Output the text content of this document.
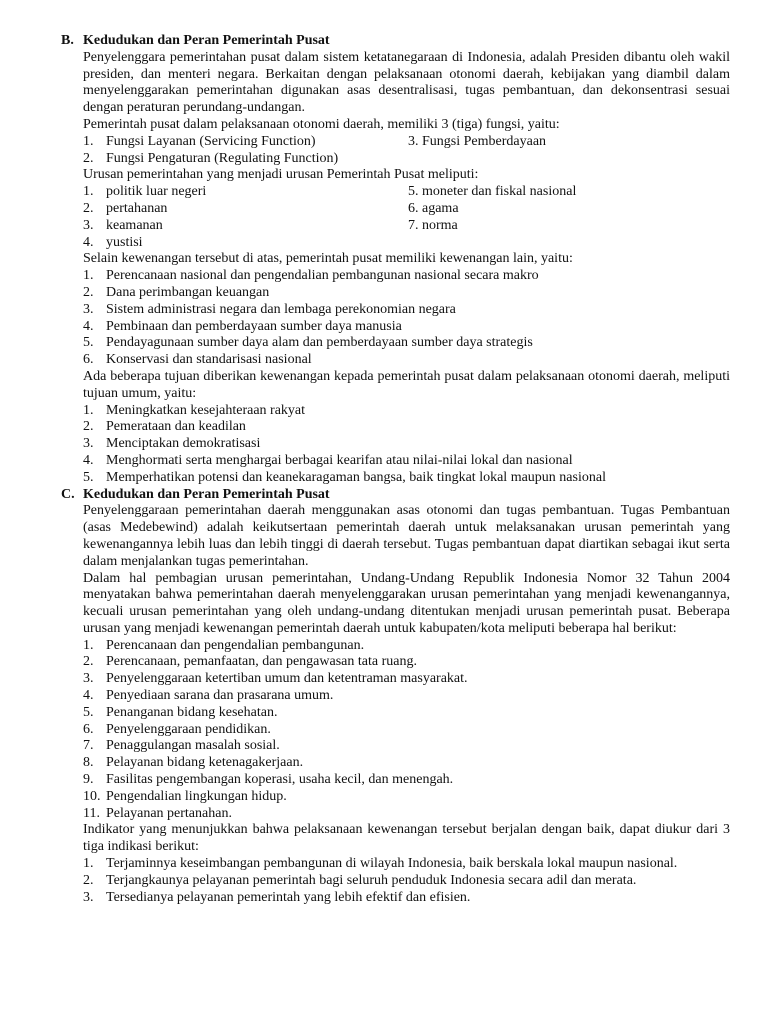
B. Kedudukan dan Peran Pemerintah Pusat
Penyelenggara pemerintahan pusat dalam sistem ketatanegaraan di Indonesia, adalah Presiden dibantu oleh wakil presiden, dan menteri negara. Berkaitan dengan pelaksanaan otonomi daerah, kebijakan yang diambil dalam menyelenggarakan pemerintahan digunakan asas desentralisasi, tugas pembantuan, dan dekonsentrasi sesuai dengan peraturan perundang-undangan.
Pemerintah pusat dalam pelaksanaan otonomi daerah, memiliki 3 (tiga) fungsi, yaitu:
1. Fungsi Layanan (Servicing Function)	3. Fungsi Pemberdayaan
2. Fungsi Pengaturan (Regulating Function)
Urusan pemerintahan yang menjadi urusan Pemerintah Pusat meliputi:
1. politik luar negeri	5. moneter dan fiskal nasional
2. pertahanan	6. agama
3. keamanan	7. norma
4. yustisi
Selain kewenangan tersebut di atas, pemerintah pusat memiliki kewenangan lain, yaitu:
1. Perencanaan nasional dan pengendalian pembangunan nasional secara makro
2. Dana perimbangan keuangan
3. Sistem administrasi negara dan lembaga perekonomian negara
4. Pembinaan dan pemberdayaan sumber daya manusia
5. Pendayagunaan sumber daya alam dan pemberdayaan sumber daya strategis
6. Konservasi dan standarisasi nasional
Ada beberapa tujuan diberikan kewenangan kepada pemerintah pusat dalam pelaksanaan otonomi daerah, meliputi tujuan umum, yaitu:
1. Meningkatkan kesejahteraan rakyat
2. Pemerataan dan keadilan
3. Menciptakan demokratisasi
4. Menghormati serta menghargai berbagai kearifan atau nilai-nilai lokal dan nasional
5. Memperhatikan potensi dan keanekaragaman bangsa, baik tingkat lokal maupun nasional
C. Kedudukan dan Peran Pemerintah Pusat
Penyelenggaraan pemerintahan daerah menggunakan asas otonomi dan tugas pembantuan. Tugas Pembantuan (asas Medebewind) adalah keikutsertaan pemerintah daerah untuk melaksanakan urusan pemerintah yang kewenangannya lebih luas dan lebih tinggi di daerah tersebut. Tugas pembantuan dapat diartikan sebagai ikut serta dalam menjalankan tugas pemerintahan.
Dalam hal pembagian urusan pemerintahan, Undang-Undang Republik Indonesia Nomor 32 Tahun 2004 menyatakan bahwa pemerintahan daerah menyelenggarakan urusan pemerintahan yang menjadi kewenangannya, kecuali urusan pemerintahan yang oleh undang-undang ditentukan menjadi urusan pemerintah pusat. Beberapa urusan yang menjadi kewenangan pemerintah daerah untuk kabupaten/kota meliputi beberapa hal berikut:
1. Perencanaan dan pengendalian pembangunan.
2. Perencanaan, pemanfaatan, dan pengawasan tata ruang.
3. Penyelenggaraan ketertiban umum dan ketentraman masyarakat.
4. Penyediaan sarana dan prasarana umum.
5. Penanganan bidang kesehatan.
6. Penyelenggaraan pendidikan.
7. Penaggulangan masalah sosial.
8. Pelayanan bidang ketenagakerjaan.
9. Fasilitas pengembangan koperasi, usaha kecil, dan menengah.
10. Pengendalian lingkungan hidup.
11. Pelayanan pertanahan.
Indikator yang menunjukkan bahwa pelaksanaan kewenangan tersebut berjalan dengan baik, dapat diukur dari 3 tiga indikasi berikut:
1. Terjaminnya keseimbangan pembangunan di wilayah Indonesia, baik berskala lokal maupun nasional.
2. Terjangkaunya pelayanan pemerintah bagi seluruh penduduk Indonesia secara adil dan merata.
3. Tersedianya pelayanan pemerintah yang lebih efektif dan efisien.
